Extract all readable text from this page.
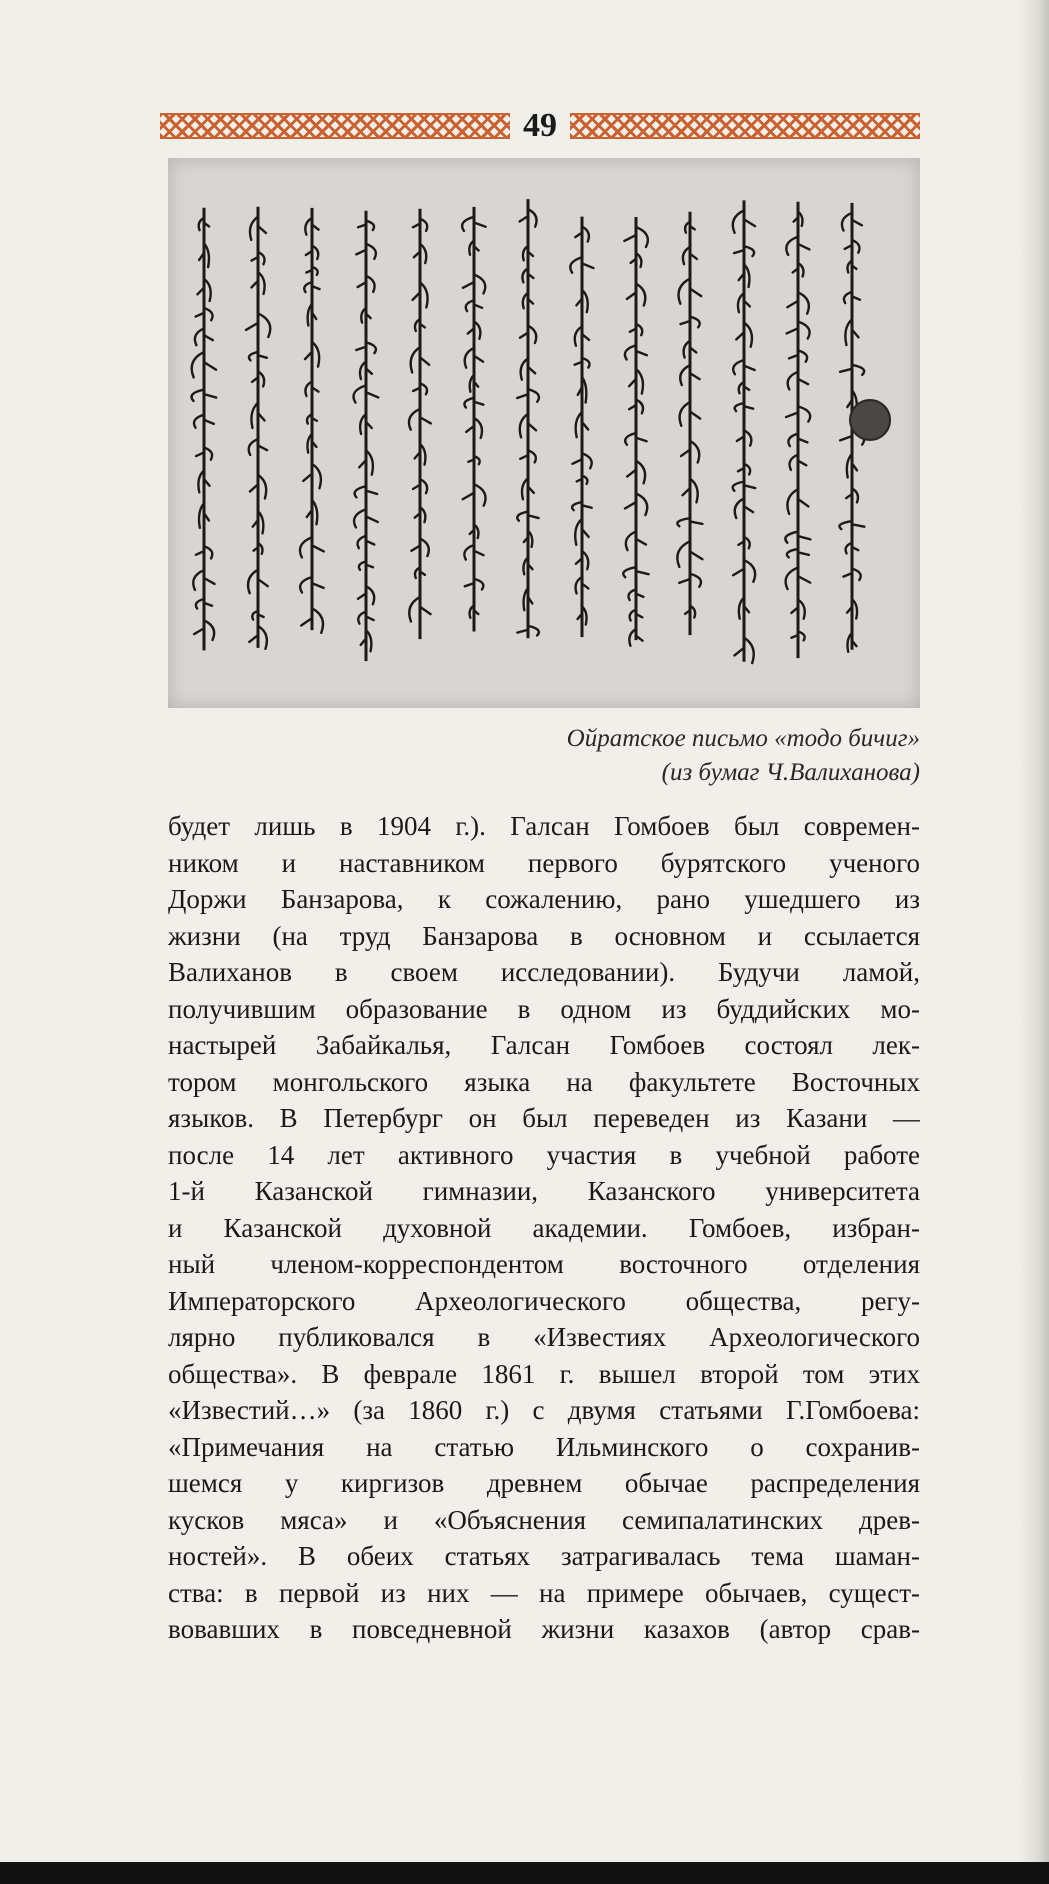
49
Ойратское письмо «тодо бичиг»
(из бумаг Ч.Валиханова)
будет лишь в 1904 г.). Галсан Гомбоев был современ-
ником и наставником первого бурятского ученого
Доржи Банзарова, к сожалению, рано ушедшего из
жизни (на труд Банзарова в основном и ссылается
Валиханов в своем исследовании). Будучи ламой,
получившим образование в одном из буддийских мо-
настырей Забайкалья, Галсан Гомбоев состоял лек-
тором монгольского языка на факультете Восточных
языков. В Петербург он был переведен из Казани —
после 14 лет активного участия в учебной работе
1-й Казанской гимназии, Казанского университета
и Казанской духовной академии. Гомбоев, избран-
ный членом-корреспондентом восточного отделения
Императорского Археологического общества, регу-
лярно публиковался в «Известиях Археологического
общества». В феврале 1861 г. вышел второй том этих
«Известий…» (за 1860 г.) с двумя статьями Г.Гомбоева:
«Примечания на статью Ильминского о сохранив-
шемся у киргизов древнем обычае распределения
кусков мяса» и «Объяснения семипалатинских древ-
ностей». В обеих статьях затрагивалась тема шаман-
ства: в первой из них — на примере обычаев, сущест-
вовавших в повседневной жизни казахов (автор срав-
